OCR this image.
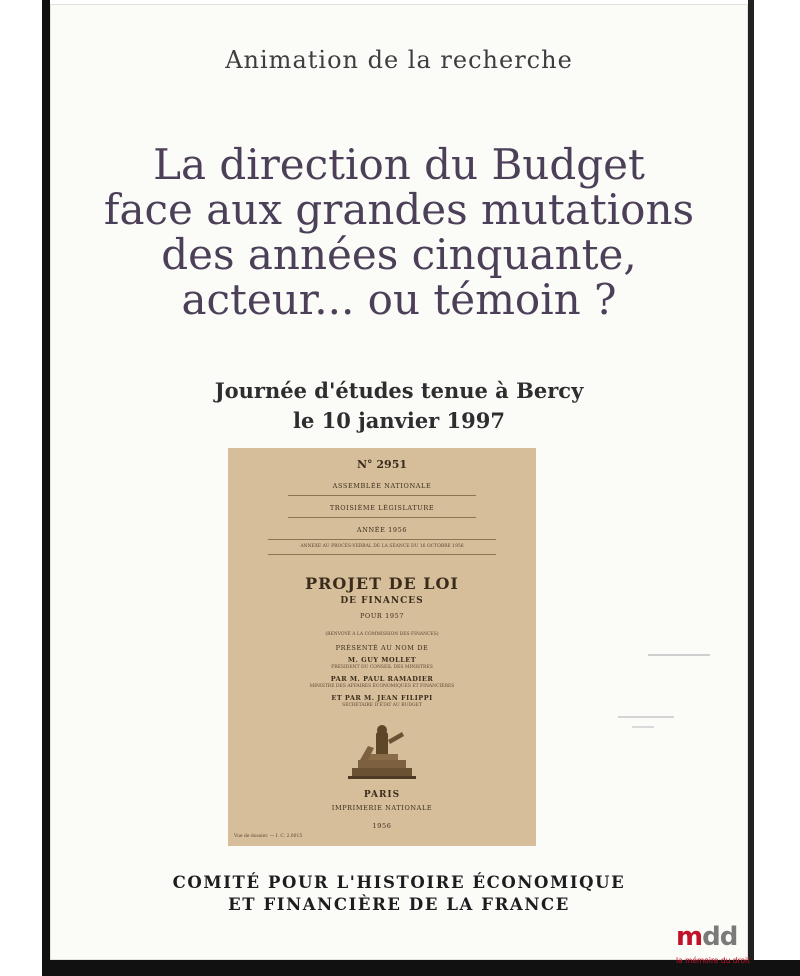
Animation de la recherche
La direction du Budget
face aux grandes mutations
des années cinquante,
acteur... ou témoin ?
Journée d'études tenue à Bercy
le 10 janvier 1997
N° 2951
ASSEMBLÉE NATIONALE
TROISIÈME LÉGISLATURE
ANNÉE 1956
ANNEXE AU PROCÈS-VERBAL DE LA SÉANCE DU 16 OCTOBRE 1956
PROJET DE LOI
DE FINANCES
POUR 1957
(RENVOYÉ À LA COMMISSION DES FINANCES)
PRÉSENTÉ AU NOM DE
M. GUY MOLLET
PRÉSIDENT DU CONSEIL DES MINISTRES
PAR M. PAUL RAMADIER
MINISTRE DES AFFAIRES ÉCONOMIQUES ET FINANCIÈRES
ET PAR M. JEAN FILIPPI
SECRÉTAIRE D'ÉTAT AU BUDGET
PARIS
IMPRIMERIE NATIONALE
1956
Vue de dossier. — I. C. 2.0015
COMITÉ POUR L'HISTOIRE ÉCONOMIQUE
ET FINANCIÈRE DE LA FRANCE
mdd
la mémoire du droit
